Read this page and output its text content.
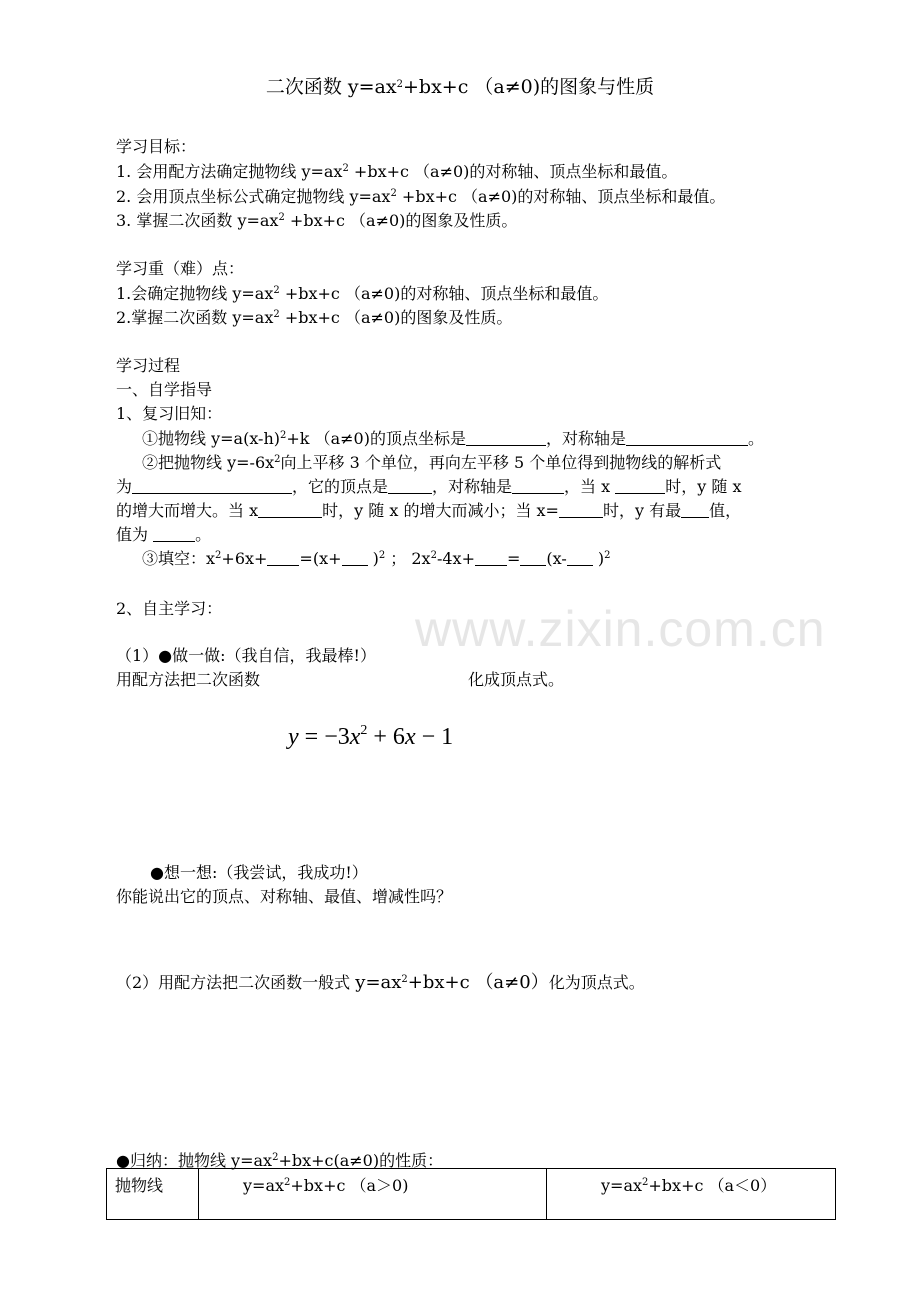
www.zixin.com.cn
二次函数 $y=ax^2+bx+c$ （a≠0)的图象与性质
学习目标：
1. 会用配方法确定抛物线 $y=ax^2 +bx+c$ （a≠0)的对称轴、顶点坐标和最值。
2. 会用顶点坐标公式确定抛物线 $y=ax^2 +bx+c$ （a≠0)的对称轴、顶点坐标和最值。
3. 掌握二次函数 $y=ax^2 +bx+c$ （a≠0)的图象及性质。
学习重（难）点：
1.会确定抛物线 $y=ax^2 +bx+c$ （a≠0)的对称轴、顶点坐标和最值。
2.掌握二次函数 $y=ax^2 +bx+c$ （a≠0)的图象及性质。
学习过程
一、自学指导
1、复习旧知：
①抛物线 $y=a(x-h)^2+k$ （a≠0)的顶点坐标是	，对称轴是	。
②把抛物线 $y=-6x^2$向上平移 3 个单位，再向左平移 5 个单位得到抛物线的解析式
为	，它的顶点是	，对称轴是	，当 x	时，y 随 x
的增大而增大。当 x	时，y 随 x 的增大而减小；当 x=	时，y 有最 值，
值为	。
③填空：$x^2+6x+ =(x+ )^2$ ； $2x^2-4x+ = (x-$ )$^2$
2、自主学习：
（1）●做一做:（我自信，我最棒!）
用配方法把二次函数	化成顶点式。
$y = -3x^2 + 6x - 1$
●想一想:（我尝试，我成功!）
你能说出它的顶点、对称轴、最值、增减性吗？
（2）用配方法把二次函数一般式 $y=ax^2+bx+c$ （a≠0）化为顶点式。
●归纳：抛物线 $y=ax^2+bx+c(a\ne 0)$的性质：
抛物线	$y=ax^2+bx+c$ （a＞0)	$y=ax^2+bx+c$ （a＜0）
